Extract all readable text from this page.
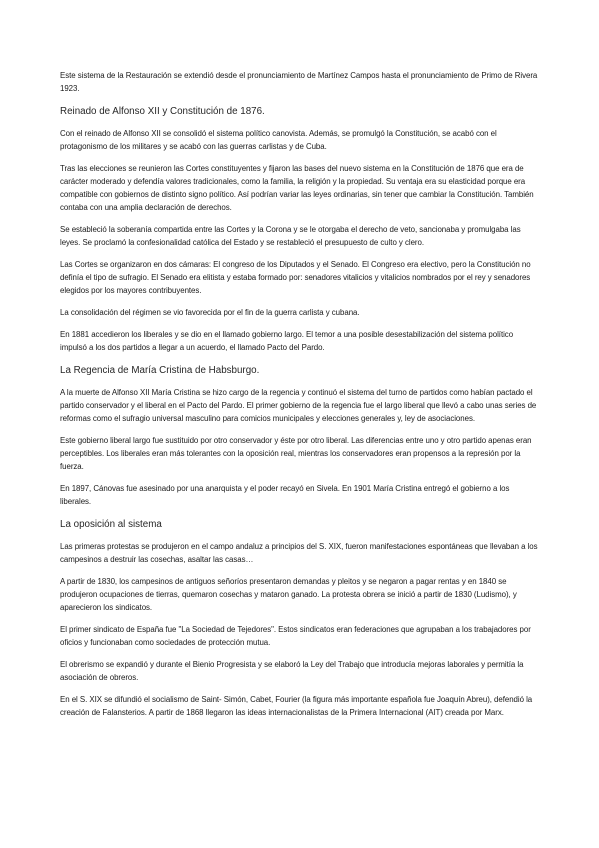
Este sistema de la Restauración se extendió desde el pronunciamiento de Martínez Campos hasta el pronunciamiento de Primo de Rivera 1923.

Reinado de Alfonso XII y Constitución de 1876.

Con el reinado de Alfonso XII se consolidó el sistema político canovista. Además, se promulgó la Constitución, se acabó con el protagonismo de los militares y se acabó con las guerras carlistas y de Cuba.

Tras las elecciones se reunieron las Cortes constituyentes y fijaron las bases del nuevo sistema en la Constitución de 1876 que era de carácter moderado y defendía valores tradicionales, como la familia, la religión y la propiedad. Su ventaja era su elasticidad porque era compatible con gobiernos de distinto signo político. Así podrían variar las leyes ordinarias, sin tener que cambiar la Constitución. También contaba con una amplia declaración de derechos.

Se estableció la soberanía compartida entre las Cortes y la Corona y se le otorgaba el derecho de veto, sancionaba y promulgaba las leyes. Se proclamó la confesionalidad católica del Estado y se restableció el presupuesto de culto y clero.

Las Cortes se organizaron en dos cámaras: El congreso de los Diputados y el Senado. El Congreso era electivo, pero la Constitución no definía el tipo de sufragio. El Senado era elitista y estaba formado por: senadores vitalicios y vitalicios nombrados por el rey y senadores elegidos por los mayores contribuyentes.

La consolidación del régimen se vio favorecida por el fin de la guerra carlista y cubana.

En 1881 accedieron los liberales y se dio en el llamado gobierno largo. El temor a una posible desestabilización del sistema político impulsó a los dos partidos a llegar a un acuerdo, el llamado Pacto del Pardo.

La Regencia de María Cristina de Habsburgo.

A la muerte de Alfonso XII María Cristina se hizo cargo de la regencia y continuó el sistema del turno de partidos como habían pactado el partido conservador y el liberal en el Pacto del Pardo. El primer gobierno de la regencia fue el largo liberal que llevó a cabo unas series de reformas como el sufragio universal masculino para comicios municipales y elecciones generales y, ley de asociaciones.

Este gobierno liberal largo fue sustituido por otro conservador y éste por otro liberal. Las diferencias entre uno y otro partido apenas eran perceptibles. Los liberales eran más tolerantes con la oposición real, mientras los conservadores eran propensos a la represión por la fuerza.

En 1897, Cánovas fue asesinado por una anarquista y el poder recayó en Sivela. En 1901 María Cristina entregó el gobierno a los liberales.

La oposición al sistema

Las primeras protestas se produjeron en el campo andaluz a principios del S. XIX, fueron manifestaciones espontáneas que llevaban a los campesinos a destruir las cosechas, asaltar las casas…

A partir de 1830, los campesinos de antiguos señoríos presentaron demandas y pleitos y se negaron a pagar rentas y en 1840 se produjeron ocupaciones de tierras, quemaron cosechas y mataron ganado. La protesta obrera se inició a partir de 1830 (Ludismo), y aparecieron los sindicatos.

El primer sindicato de España fue "La Sociedad de Tejedores". Estos sindicatos eran federaciones que agrupaban a los trabajadores por oficios y funcionaban como sociedades de protección mutua.

El obrerismo se expandió y durante el Bienio Progresista y se elaboró la Ley del Trabajo que introducía mejoras laborales y permitía la asociación de obreros.

En el S. XIX se difundió el socialismo de Saint- Simón, Cabet, Fourier (la figura más importante española fue Joaquín Abreu), defendió la creación de Falansterios. A partir de 1868 llegaron las ideas internacionalistas de la Primera Internacional (AIT) creada por Marx.
